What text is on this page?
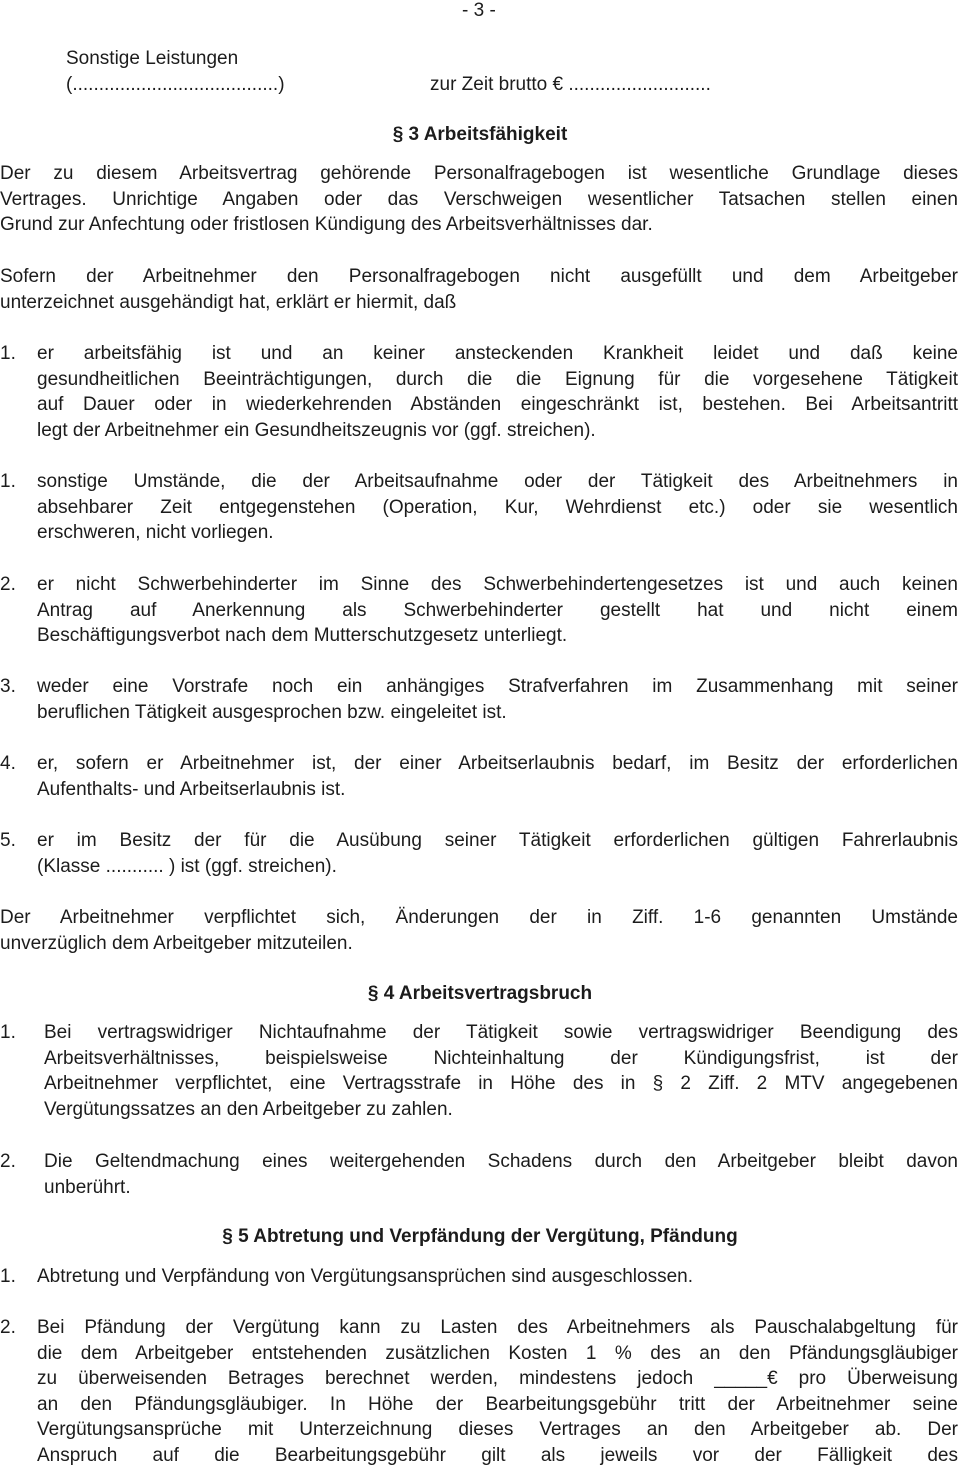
- 3 -
Sonstige Leistungen
(.......................................)	zur Zeit brutto € ...........................
§ 3 Arbeitsfähigkeit
Der zu diesem Arbeitsvertrag gehörende Personalfragebogen ist wesentliche Grundlage dieses
Vertrages. Unrichtige Angaben oder das Verschweigen wesentlicher Tatsachen stellen einen
Grund zur Anfechtung oder fristlosen Kündigung des Arbeitsverhältnisses dar.
Sofern der Arbeitnehmer den Personalfragebogen nicht ausgefüllt und dem Arbeitgeber
unterzeichnet ausgehändigt hat, erklärt er hiermit, daß
1. er arbeitsfähig ist und an keiner ansteckenden Krankheit leidet und daß keine
gesundheitlichen Beeinträchtigungen, durch die die Eignung für die vorgesehene Tätigkeit
auf Dauer oder in wiederkehrenden Abständen eingeschränkt ist, bestehen. Bei Arbeitsantritt
legt der Arbeitnehmer ein Gesundheitszeugnis vor (ggf. streichen).
1. sonstige Umstände, die der Arbeitsaufnahme oder der Tätigkeit des Arbeitnehmers in
absehbarer Zeit entgegenstehen (Operation, Kur, Wehrdienst etc.) oder sie wesentlich
erschweren, nicht vorliegen.
2. er nicht Schwerbehinderter im Sinne des Schwerbehindertengesetzes ist und auch keinen
Antrag auf Anerkennung als Schwerbehinderter gestellt hat und nicht einem
Beschäftigungsverbot nach dem Mutterschutzgesetz unterliegt.
3. weder eine Vorstrafe noch ein anhängiges Strafverfahren im Zusammenhang mit seiner
beruflichen Tätigkeit ausgesprochen bzw. eingeleitet ist.
4. er, sofern er Arbeitnehmer ist, der einer Arbeitserlaubnis bedarf, im Besitz der erforderlichen
Aufenthalts- und Arbeitserlaubnis ist.
5. er im Besitz der für die Ausübung seiner Tätigkeit erforderlichen gültigen Fahrerlaubnis
(Klasse ........... ) ist (ggf. streichen).
Der Arbeitnehmer verpflichtet sich, Änderungen der in Ziff. 1-6 genannten Umstände
unverzüglich dem Arbeitgeber mitzuteilen.
§ 4 Arbeitsvertragsbruch
1. Bei vertragswidriger Nichtaufnahme der Tätigkeit sowie vertragswidriger Beendigung des
Arbeitsverhältnisses, beispielsweise Nichteinhaltung der Kündigungsfrist, ist der
Arbeitnehmer verpflichtet, eine Vertragsstrafe in Höhe des in § 2 Ziff. 2 MTV angegebenen
Vergütungssatzes an den Arbeitgeber zu zahlen.
2. Die Geltendmachung eines weitergehenden Schadens durch den Arbeitgeber bleibt davon
unberührt.
§ 5 Abtretung und Verpfändung der Vergütung, Pfändung
1. Abtretung und Verpfändung von Vergütungsansprüchen sind ausgeschlossen.
2. Bei Pfändung der Vergütung kann zu Lasten des Arbeitnehmers als Pauschalabgeltung für
die dem Arbeitgeber entstehenden zusätzlichen Kosten 1 % des an den Pfändungsgläubiger
zu überweisenden Betrages berechnet werden, mindestens jedoch _____€ pro Überweisung
an den Pfändungsgläubiger. In Höhe der Bearbeitungsgebühr tritt der Arbeitnehmer seine
Vergütungsansprüche mit Unterzeichnung dieses Vertrages an den Arbeitgeber ab. Der
Anspruch auf die Bearbeitungsgebühr gilt als jeweils vor der Fälligkeit des
